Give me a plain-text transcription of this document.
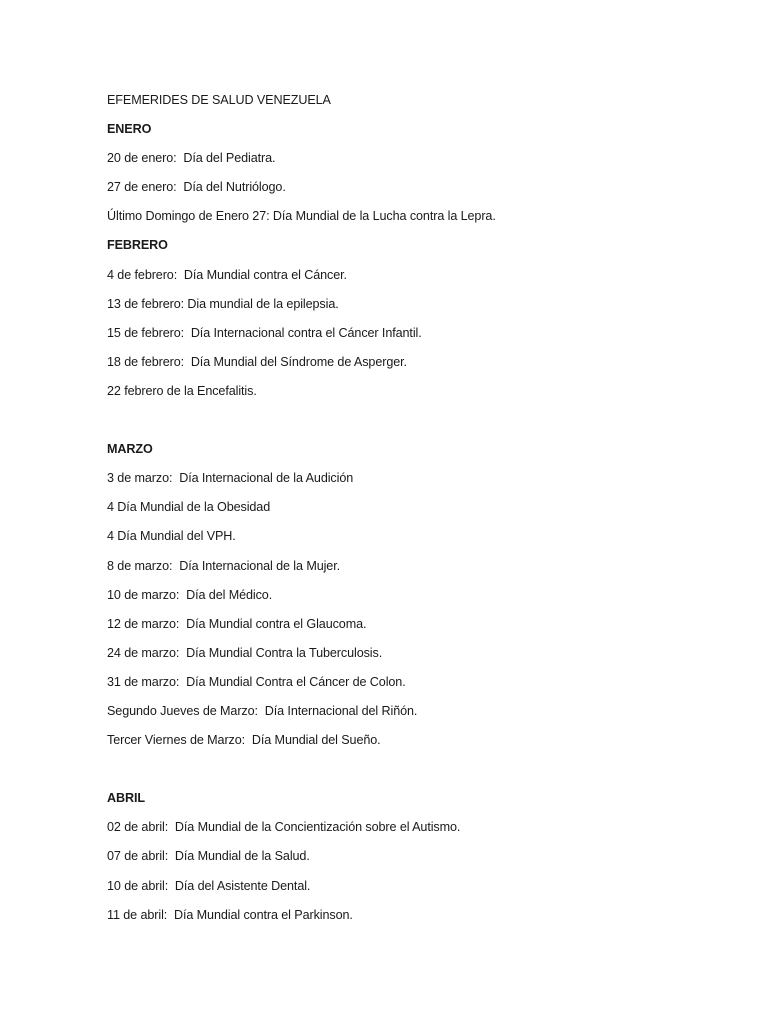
EFEMERIDES DE SALUD VENEZUELA
ENERO
20 de enero:  Día del Pediatra.
27 de enero:  Día del Nutriólogo.
Último Domingo de Enero 27: Día Mundial de la Lucha contra la Lepra.
FEBRERO
4 de febrero:  Día Mundial contra el Cáncer.
13 de febrero: Dia mundial de la epilepsia.
15 de febrero:  Día Internacional contra el Cáncer Infantil.
18 de febrero:  Día Mundial del Síndrome de Asperger.
22 febrero de la Encefalitis.
MARZO
3 de marzo:  Día Internacional de la Audición
4 Día Mundial de la Obesidad
4 Día Mundial del VPH.
8 de marzo:  Día Internacional de la Mujer.
10 de marzo:  Día del Médico.
12 de marzo:  Día Mundial contra el Glaucoma.
24 de marzo:  Día Mundial Contra la Tuberculosis.
31 de marzo:  Día Mundial Contra el Cáncer de Colon.
Segundo Jueves de Marzo:  Día Internacional del Riñón.
Tercer Viernes de Marzo:  Día Mundial del Sueño.
ABRIL
02 de abril:  Día Mundial de la Concientización sobre el Autismo.
07 de abril:  Día Mundial de la Salud.
10 de abril:  Día del Asistente Dental.
11 de abril:  Día Mundial contra el Parkinson.
